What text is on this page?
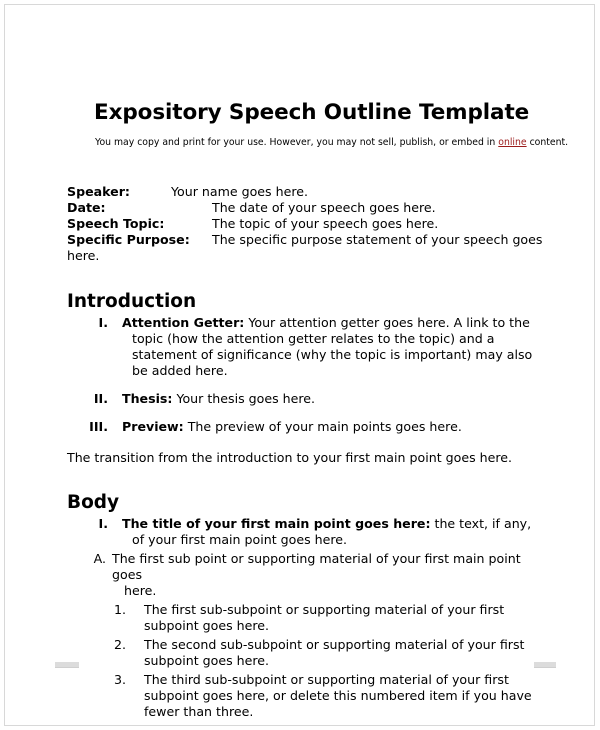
Expository Speech Outline Template

You may copy and print for your use. However, you may not sell, publish, or embed in online content.

Speaker:	Your name goes here.
Date:	The date of your speech goes here.
Speech Topic:	The topic of your speech goes here.
Specific Purpose:	The specific purpose statement of your speech goes
here.
Introduction
I.	Attention Getter: Your attention getter goes here. A link to the topic (how the attention getter relates to the topic) and a statement of significance (why the topic is important) may also be added here.
II.	Thesis: Your thesis goes here.
III.	Preview: The preview of your main points goes here.

The transition from the introduction to your first main point goes here.

Body
I.	The title of your first main point goes here: the text, if any, of your first main point goes here.
A. The first sub point or supporting material of your first main point goes
here.
1.	The first sub-subpoint or supporting material of your first
subpoint goes here.
2.	The second sub-subpoint or supporting material of your first
subpoint goes here.
3.	The third sub-subpoint or supporting material of your first
subpoint goes here, or delete this numbered item if you have fewer than three.
